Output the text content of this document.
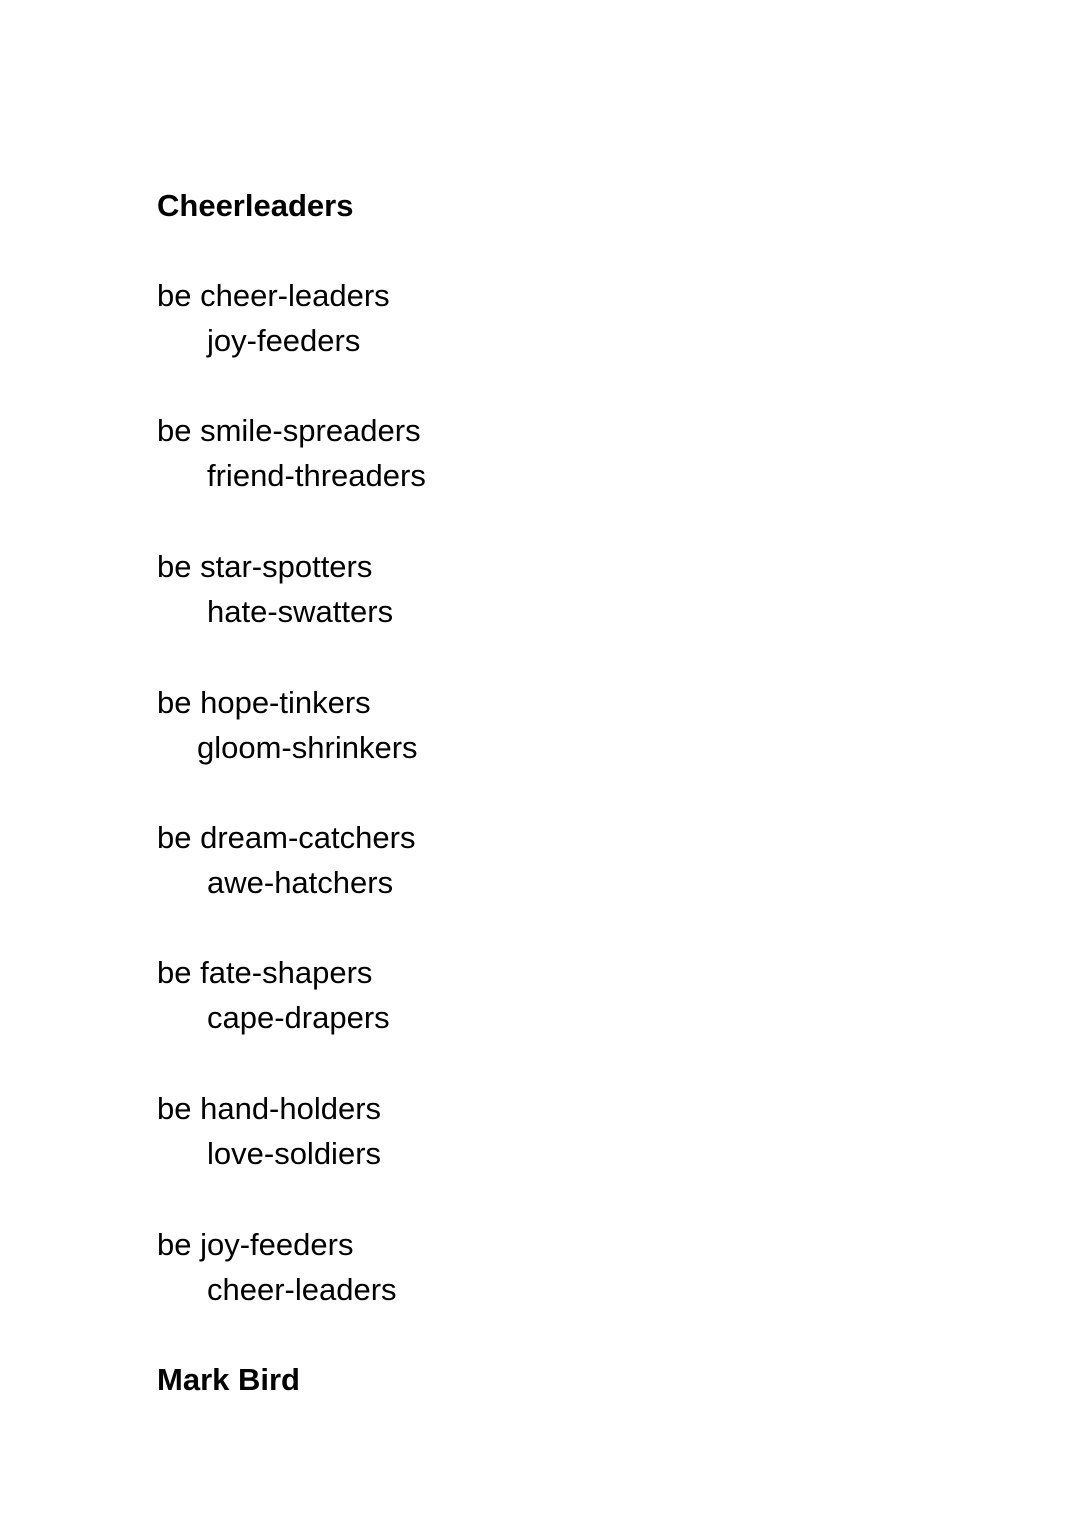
Cheerleaders
be cheer-leaders
joy-feeders
be smile-spreaders
friend-threaders
be star-spotters
hate-swatters
be hope-tinkers
gloom-shrinkers
be dream-catchers
awe-hatchers
be fate-shapers
cape-drapers
be hand-holders
love-soldiers
be joy-feeders
cheer-leaders
Mark Bird
